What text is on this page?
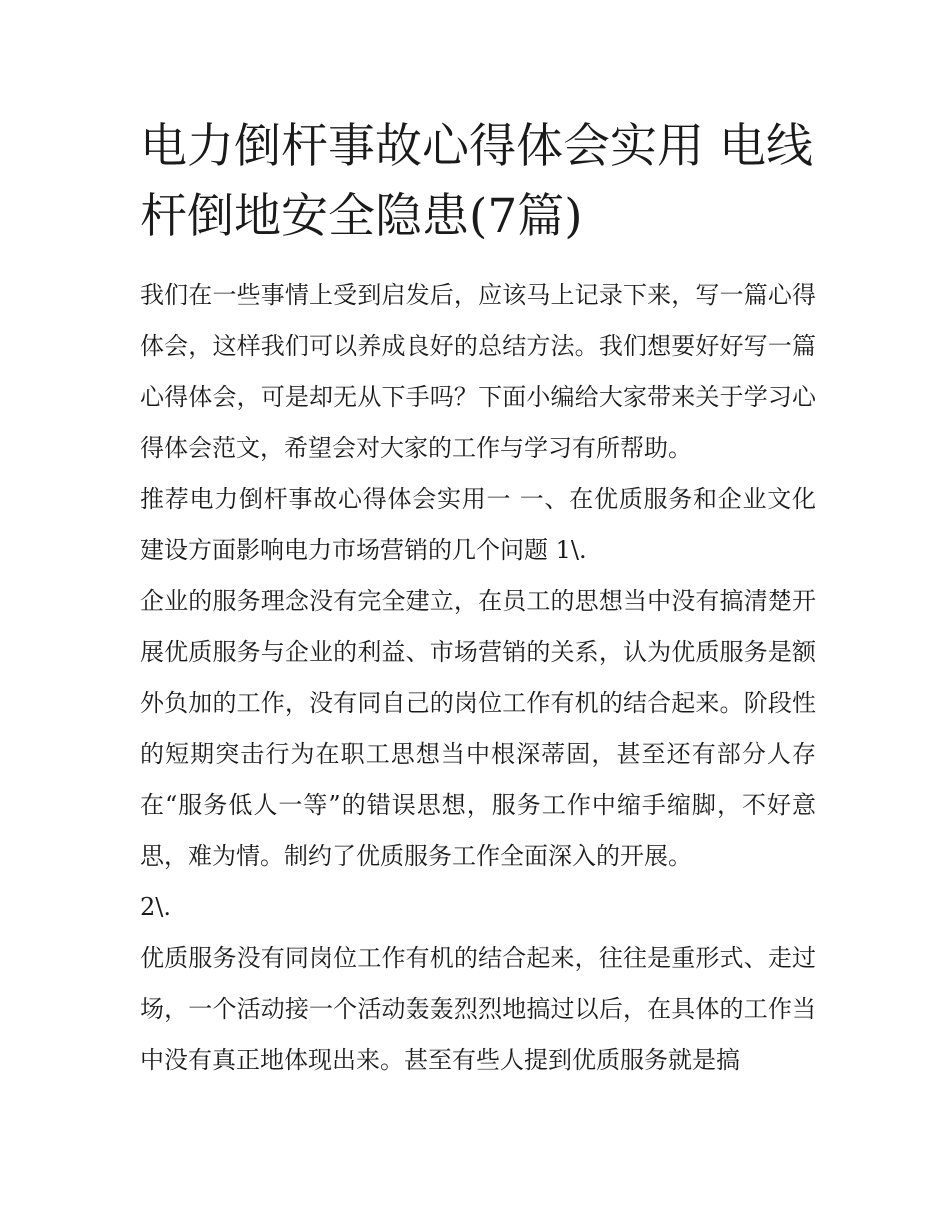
电力倒杆事故心得体会实用 电线杆倒地安全隐患(7篇)

我们在一些事情上受到启发后，应该马上记录下来，写一篇心得体会，这样我们可以养成良好的总结方法。我们想要好好写一篇心得体会，可是却无从下手吗？下面小编给大家带来关于学习心得体会范文，希望会对大家的工作与学习有所帮助。

推荐电力倒杆事故心得体会实用一 一、在优质服务和企业文化建设方面影响电力市场营销的几个问题 1\.

企业的服务理念没有完全建立，在员工的思想当中没有搞清楚开展优质服务与企业的利益、市场营销的关系，认为优质服务是额外负加的工作，没有同自己的岗位工作有机的结合起来。阶段性的短期突击行为在职工思想当中根深蒂固，甚至还有部分人存在“服务低人一等”的错误思想，服务工作中缩手缩脚，不好意思，难为情。制约了优质服务工作全面深入的开展。

2\.

优质服务没有同岗位工作有机的结合起来，往往是重形式、走过场，一个活动接一个活动轰轰烈烈地搞过以后，在具体的工作当中没有真正地体现出来。甚至有些人提到优质服务就是搞
